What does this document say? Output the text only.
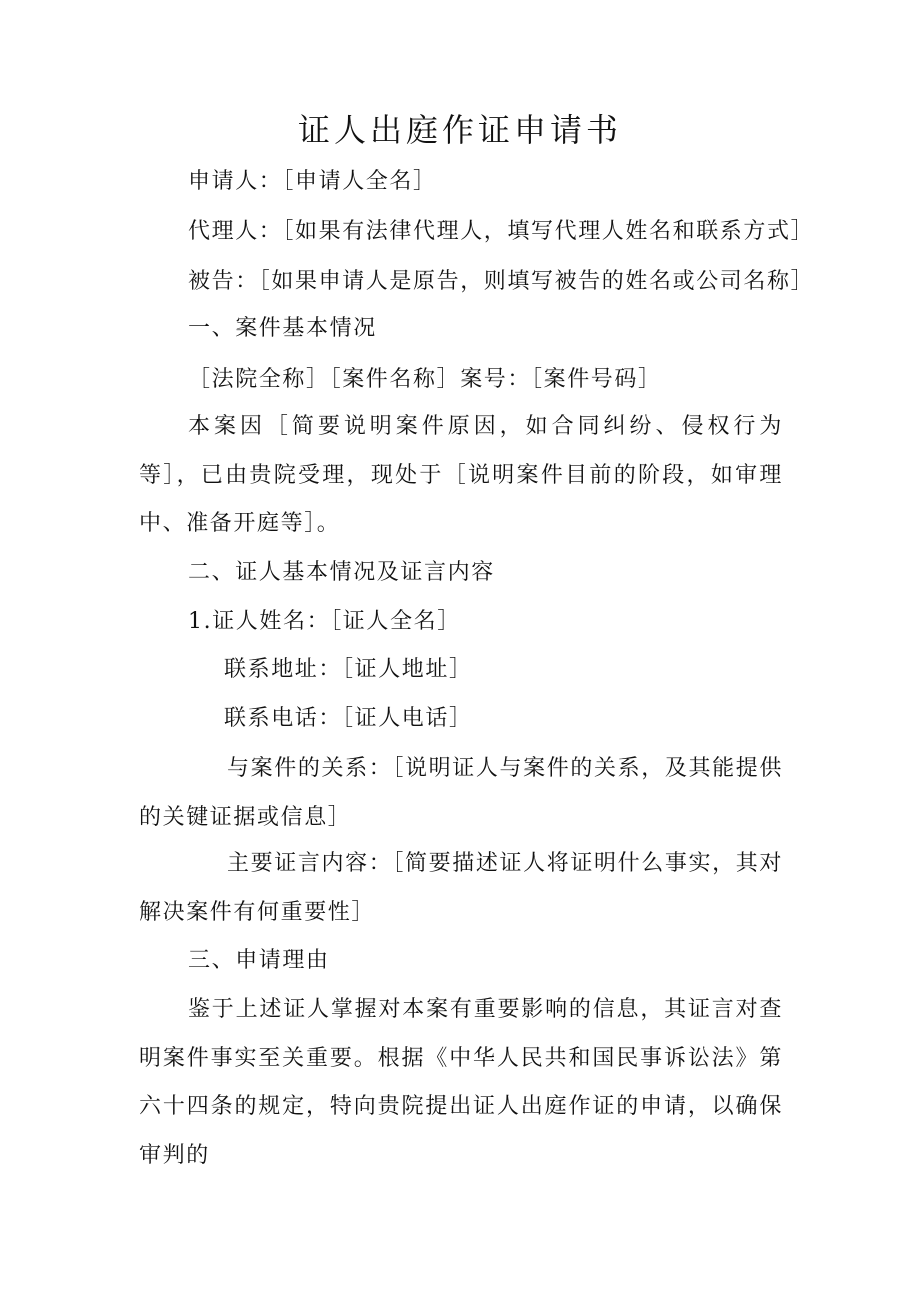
证人出庭作证申请书
申请人：［申请人全名］
代理人：［如果有法律代理人，填写代理人姓名和联系方式］
被告：［如果申请人是原告，则填写被告的姓名或公司名称］
一、案件基本情况
［法院全称］［案件名称］案号：［案件号码］
本案因［简要说明案件原因，如合同纠纷、侵权行为等］，已由贵院受理，现处于［说明案件目前的阶段，如审理中、准备开庭等］。
二、证人基本情况及证言内容
1.证人姓名：［证人全名］
联系地址：［证人地址］
联系电话：［证人电话］
与案件的关系：［说明证人与案件的关系，及其能提供的关键证据或信息］
主要证言内容：［简要描述证人将证明什么事实，其对解决案件有何重要性］
三、申请理由
鉴于上述证人掌握对本案有重要影响的信息，其证言对查明案件事实至关重要。根据《中华人民共和国民事诉讼法》第六十四条的规定，特向贵院提出证人出庭作证的申请，以确保审判的
